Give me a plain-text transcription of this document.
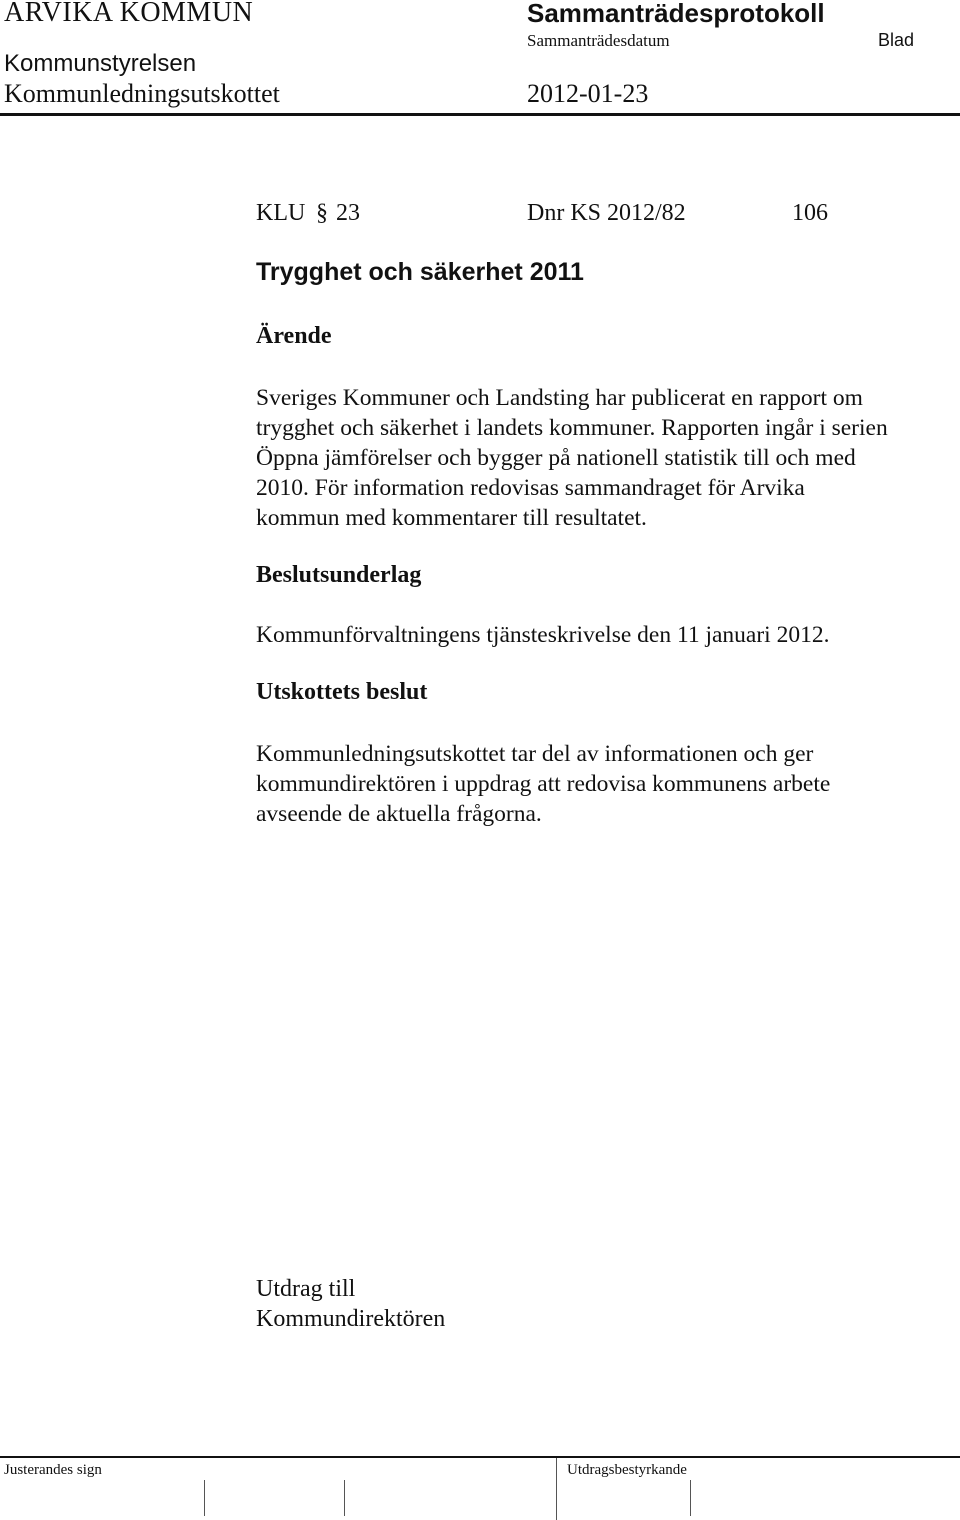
ARVIKA KOMMUN	Sammanträdesprotokoll
Sammanträdesdatum	Blad
Kommunstyrelsen
Kommunledningsutskottet	2012-01-23
KLU § 23	Dnr KS 2012/82	106
Trygghet och säkerhet 2011
Ärende
Sveriges Kommuner och Landsting har publicerat en rapport om
trygghet och säkerhet i landets kommuner. Rapporten ingår i serien
Öppna jämförelser och bygger på nationell statistik till och med
2010. För information redovisas sammandraget för Arvika
kommun med kommentarer till resultatet.
Beslutsunderlag
Kommunförvaltningens tjänsteskrivelse den 11 januari 2012.
Utskottets beslut
Kommunledningsutskottet tar del av informationen och ger
kommundirektören i uppdrag att redovisa kommunens arbete
avseende de aktuella frågorna.
Utdrag till
Kommundirektören
Justerandes sign	Utdragsbestyrkande
